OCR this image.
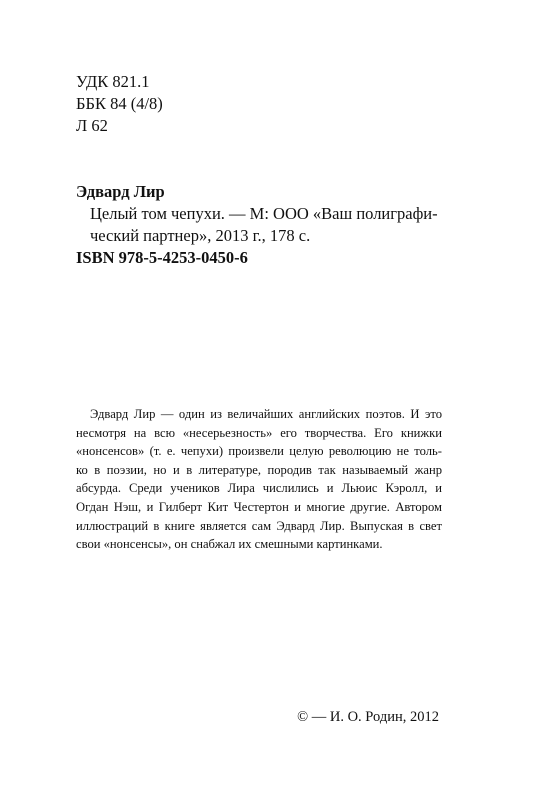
УДК 821.1
ББК 84 (4/8)
Л 62
Эдвард Лир
Целый том чепухи. — М: ООО «Ваш полиграфи-
ческий партнер», 2013 г., 178 с.
ISBN 978-5-4253-0450-6
Эдвард Лир — один из величайших английских поэтов. И это
несмотря на всю «несерьезность» его творчества. Его книжки
«нонсенсов» (т. е. чепухи) произвели целую революцию не толь-
ко в поэзии, но и в литературе, породив так называемый жанр
абсурда. Среди учеников Лира числились и Льюис Кэролл, и
Огдан Нэш, и Гилберт Кит Честертон и многие другие. Автором
иллюстраций в книге является сам Эдвард Лир. Выпуская в свет
свои «нонсенсы», он снабжал их смешными картинками.
© — И. О. Родин, 2012
